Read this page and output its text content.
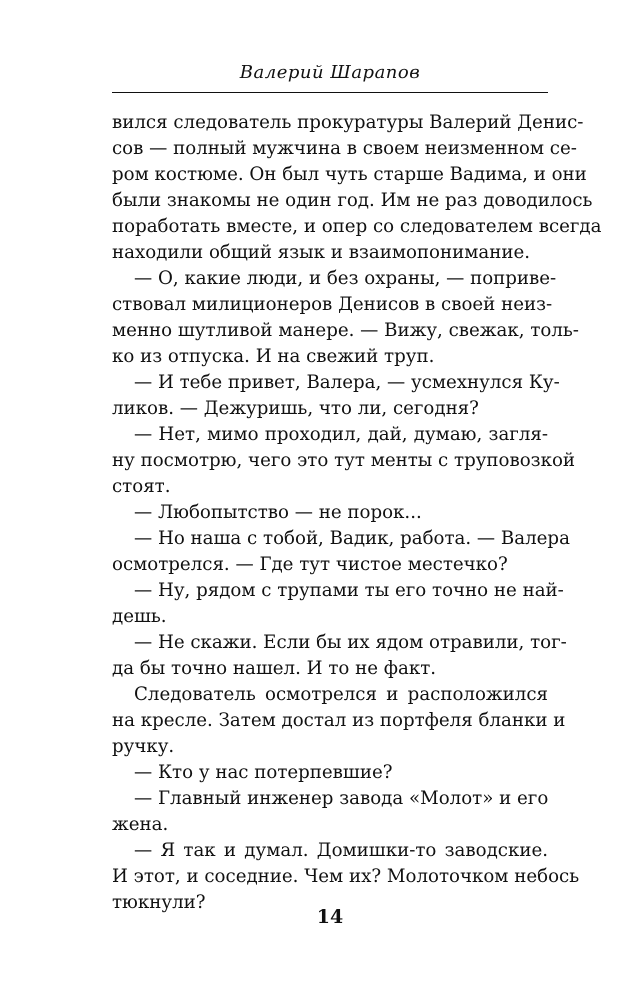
Валерий Шарапов
вился следователь прокуратуры Валерий Денис-
сов — полный мужчина в своем неизменном се-
ром костюме. Он был чуть старше Вадима, и они
были знакомы не один год. Им не раз доводилось
поработать вместе, и опер со следователем всегда
находили общий язык и взаимопонимание.
— О, какие люди, и без охраны, — поприве-
ствовал милиционеров Денисов в своей неиз-
менно шутливой манере. — Вижу, свежак, толь-
ко из отпуска. И на свежий труп.
— И тебе привет, Валера, — усмехнулся Ку-
ликов. — Дежуришь, что ли, сегодня?
— Нет, мимо проходил, дай, думаю, загля-
ну посмотрю, чего это тут менты с труповозкой
стоят.
— Любопытство — не порок...
— Но наша с тобой, Вадик, работа. — Валера
осмотрелся. — Где тут чистое местечко?
— Ну, рядом с трупами ты его точно не най-
дешь.
— Не скажи. Если бы их ядом отравили, тог-
да бы точно нашел. И то не факт.
Следователь осмотрелся и расположился
на кресле. Затем достал из портфеля бланки и
ручку.
— Кто у нас потерпевшие?
— Главный инженер завода «Молот» и его
жена.
— Я так и думал. Домишки-то заводские.
И этот, и соседние. Чем их? Молоточком небось
тюкнули?
14
